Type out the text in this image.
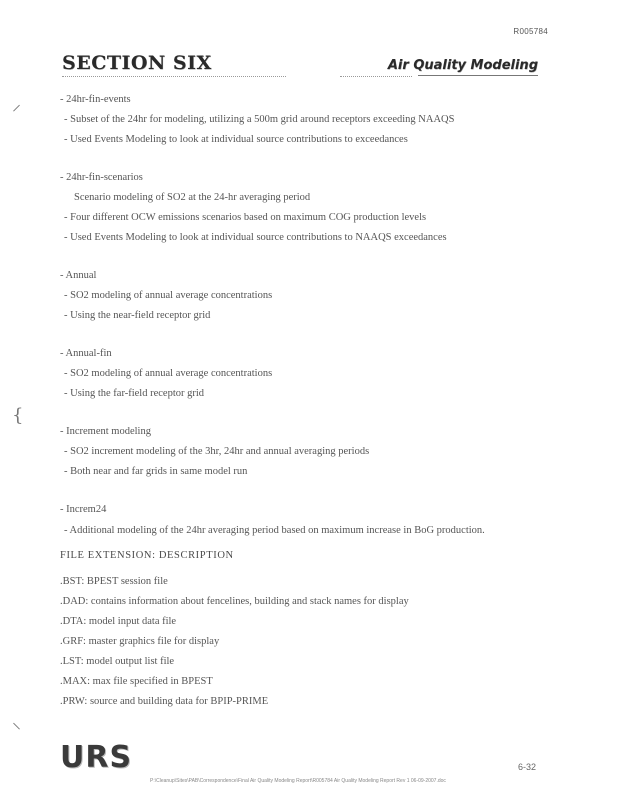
R005784
SECTION SIX	Air Quality Modeling
⸝
{
⸜

- 24hr-fin-events

- Subset of the 24hr for modeling, utilizing a 500m grid around receptors exceeding NAAQS

- Used Events Modeling to look at individual source contributions to exceedances

- 24hr-fin-scenarios

Scenario modeling of SO2 at the 24-hr averaging period

- Four different OCW emissions scenarios based on maximum COG production levels

- Used Events Modeling to look at individual source contributions to NAAQS exceedances

- Annual

- SO2 modeling of annual average concentrations

- Using the near-field receptor grid

- Annual-fin

- SO2 modeling of annual average concentrations

- Using the far-field receptor grid

- Increment modeling

- SO2 increment modeling of the 3hr, 24hr and annual averaging periods

- Both near and far grids in same model run

- Increm24

- Additional modeling of the 24hr averaging period based on maximum increase in BoG production.

FILE EXTENSION: DESCRIPTION

.BST: BPEST session file

.DAD: contains information about fencelines, building and stack names for display

.DTA: model input data file

.GRF: master graphics file for display

.LST: model output list file

.MAX: max file specified in BPEST

.PRW: source and building data for BPIP-PRIME

URS	6-32
P:\Cleanup\Sites\PAB\Correspondence\Final Air Quality Modeling Report\R005784 Air Quality Modeling Report Rev 1 06-09-2007.doc
